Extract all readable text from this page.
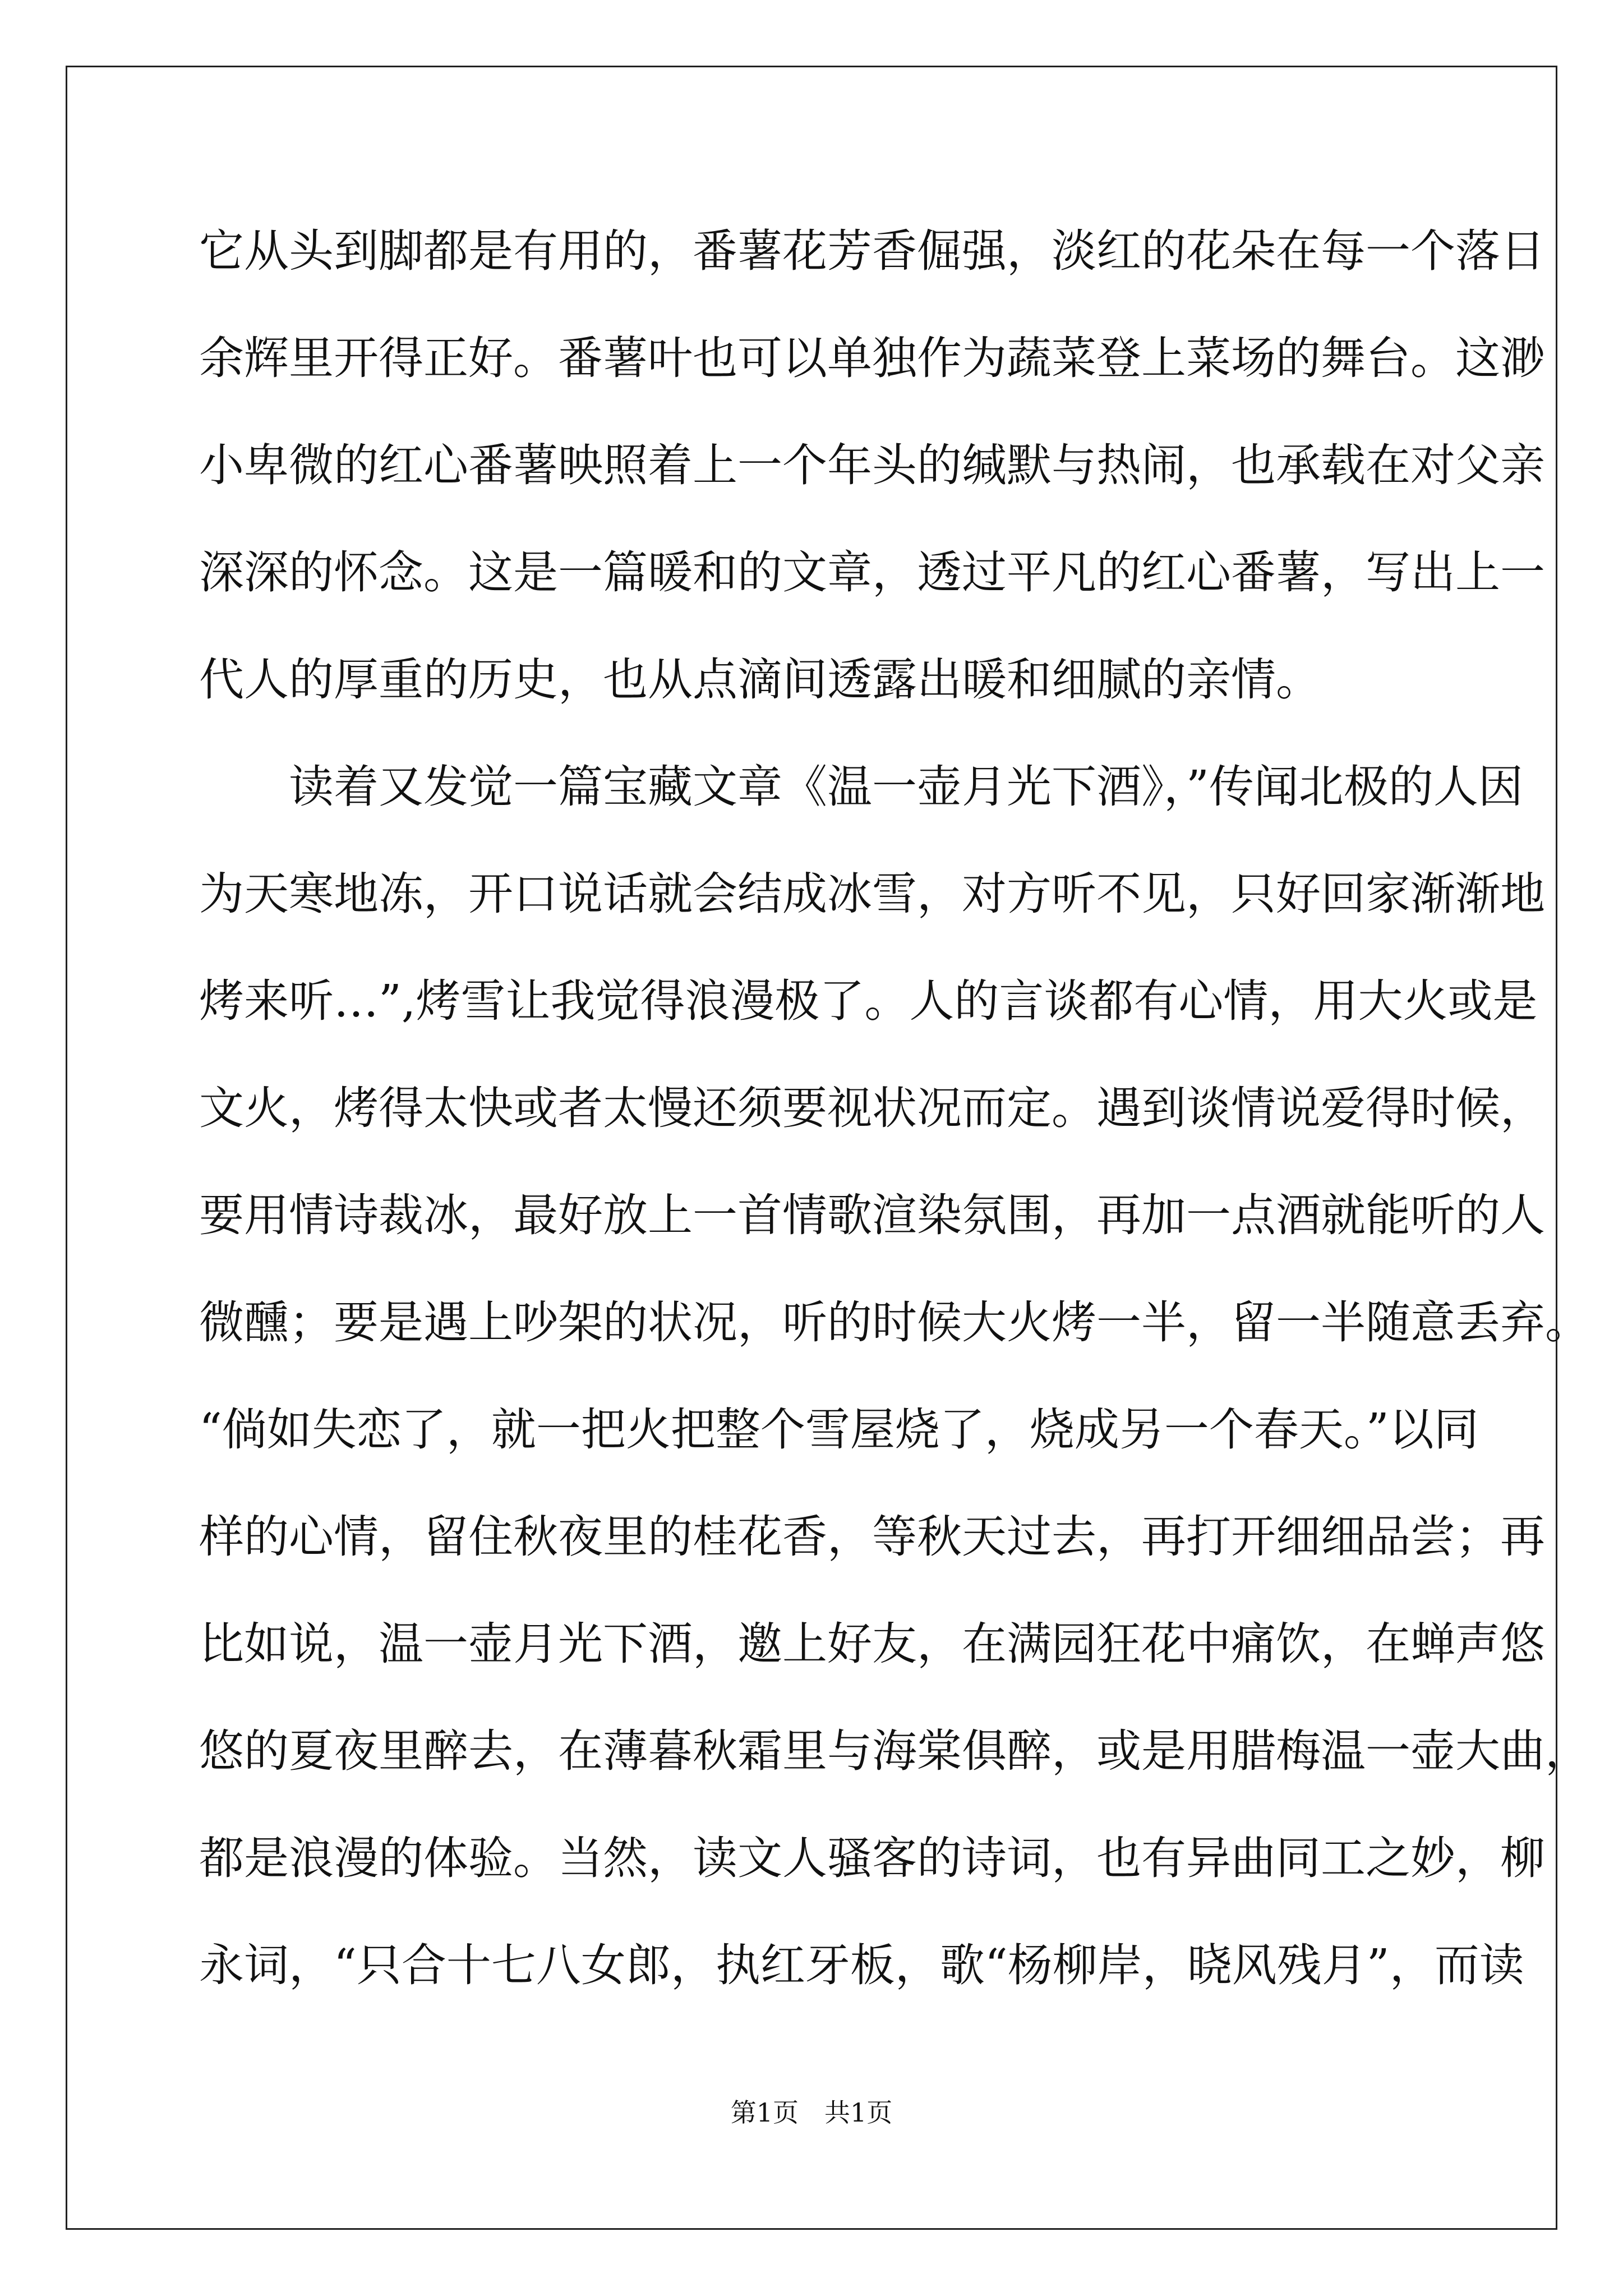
它从头到脚都是有用的，番薯花芳香倔强，淡红的花朵在每一个落日
余辉里开得正好。番薯叶也可以单独作为蔬菜登上菜场的舞台。这渺
小卑微的红心番薯映照着上一个年头的缄默与热闹，也承载在对父亲
深深的怀念。这是一篇暖和的文章，透过平凡的红心番薯，写出上一
代人的厚重的历史，也从点滴间透露出暖和细腻的亲情。
读着又发觉一篇宝藏文章《温一壶月光下酒》，”传闻北极的人因
为天寒地冻，开口说话就会结成冰雪，对方听不见，只好回家渐渐地
烤来听…”,烤雪让我觉得浪漫极了。人的言谈都有心情，用大火或是
文火，烤得太快或者太慢还须要视状况而定。遇到谈情说爱得时候，
要用情诗裁冰，最好放上一首情歌渲染氛围，再加一点酒就能听的人
微醺；要是遇上吵架的状况，听的时候大火烤一半，留一半随意丢弃。
“倘如失恋了，就一把火把整个雪屋烧了，烧成另一个春天。”以同
样的心情，留住秋夜里的桂花香，等秋天过去，再打开细细品尝；再
比如说，温一壶月光下酒，邀上好友，在满园狂花中痛饮，在蝉声悠
悠的夏夜里醉去，在薄暮秋霜里与海棠俱醉，或是用腊梅温一壶大曲，
都是浪漫的体验。当然，读文人骚客的诗词，也有异曲同工之妙，柳
永词，“只合十七八女郎，执红牙板，歌“杨柳岸，晓风残月”，而读
第1页　共1页
